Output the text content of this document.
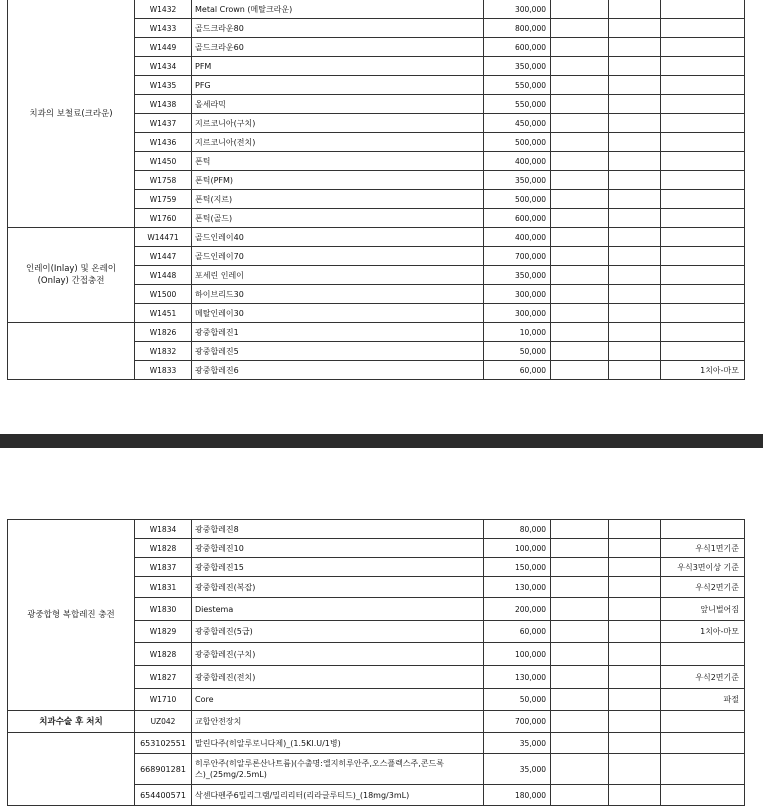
치과의 보철료(크라운)	W1432	Metal Crown (메탈크라운)	300,000			
	W1433	골드크라운80	800,000			
	W1449	골드크라운60	600,000			
	W1434	PFM	350,000			
	W1435	PFG	550,000			
	W1438	올세라믹	550,000			
	W1437	지르코니아(구치)	450,000			
	W1436	지르코니아(전치)	500,000			
	W1450	폰틱	400,000			
	W1758	폰틱(PFM)	350,000			
	W1759	폰틱(지르)	500,000			
	W1760	폰틱(골드)	600,000			
인레이(Inlay) 및 온레이(Onlay) 간접충전	W14471	골드인레이40	400,000			
	W1447	골드인레이70	700,000			
	W1448	포세린 인레이	350,000			
	W1500	하이브리드30	300,000			
	W1451	메탈인레이30	300,000			
	W1826	광중합레진1	10,000			
	W1832	광중합레진5	50,000			
	W1833	광중합레진6	60,000			1치아-마모
광중합형 복합레진 충전	W1834	광중합레진8	80,000			
	W1828	광중합레진10	100,000			우식1면기준
	W1837	광중합레진15	150,000			우식3면이상 기준
	W1831	광중합레진(복잡)	130,000			우식2면기준
	W1830	Diestema	200,000			앞니벌어짐
	W1829	광중합레진(5급)	60,000			1치아-마모
	W1828	광중합레진(구치)	100,000			
	W1827	광중합레진(전치)	130,000			우식2면기준
	W1710	Core	50,000			파절
치과수술 후 처치	UZ042	교합안전장치	700,000			
	653102551	말린다주(히알루로니다제)_(1.5KI.U/1병)	35,000			
	668901281	히루안주(히알루론산나트륨)(수출명:엘지히루안주,오스플렉스주,콘드록스)_(25mg/2.5mL)	35,000			
	654400571	삭센다펜주6밀리그램/밀리리터(리라글루티드)_(18mg/3mL)	180,000			
